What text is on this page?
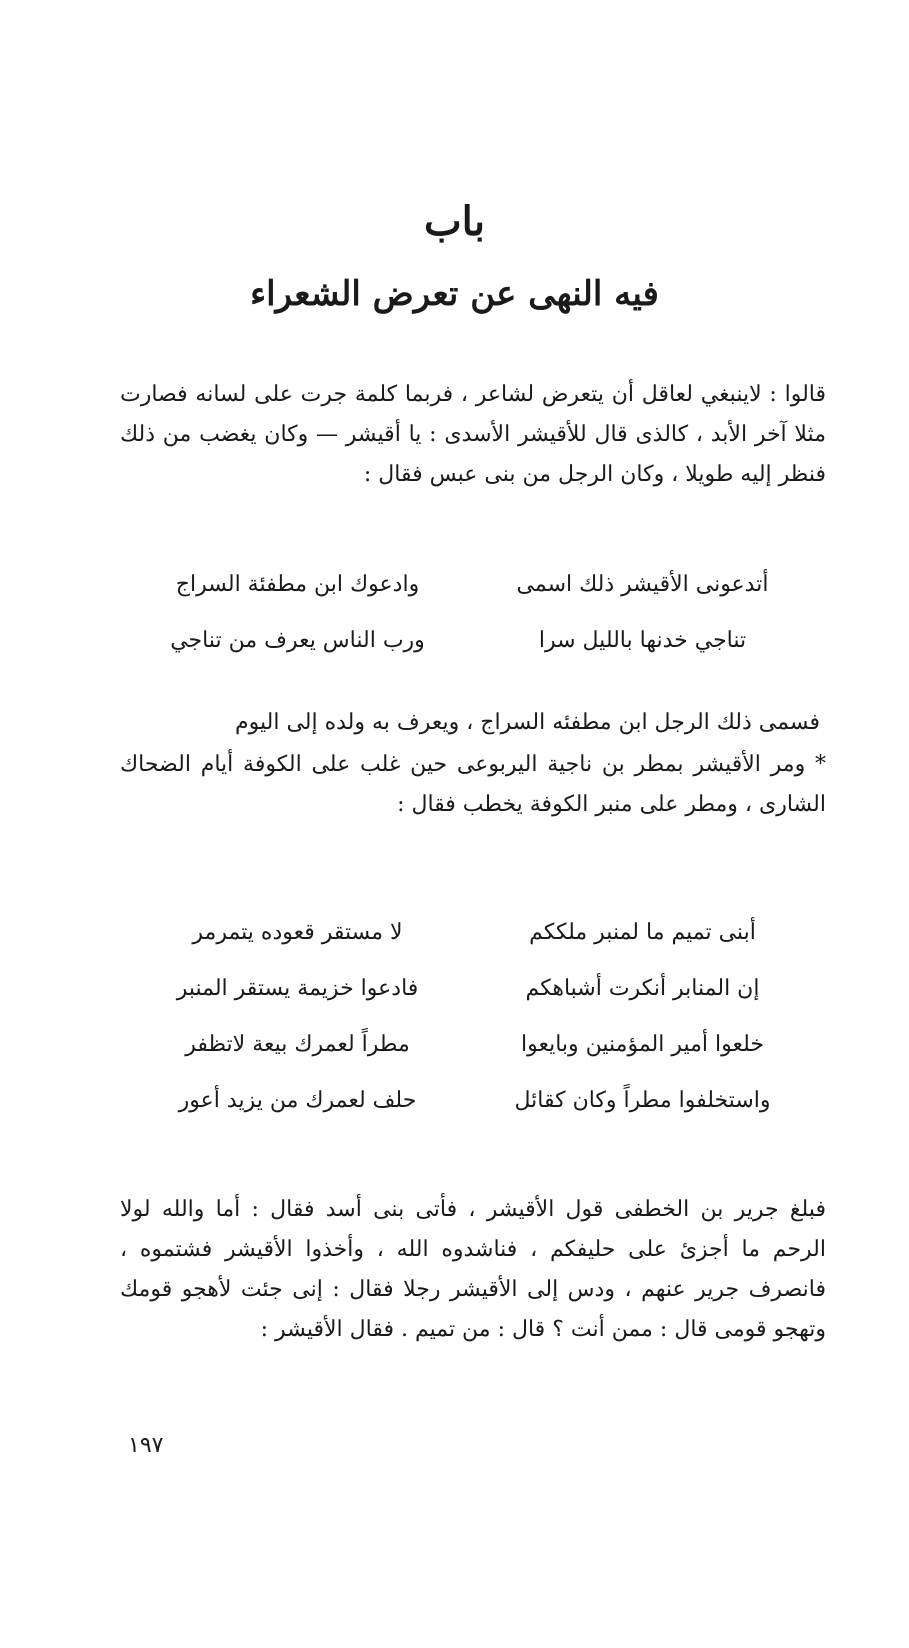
باب
فيه النهى عن تعرض الشعراء

قالوا : لاينبغي لعاقل أن يتعرض لشاعر ، فربما كلمة جرت على لسانه فصارت مثلا آخر الأبد ، كالذى قال للأقيشر الأسدى : يا أقيشر — وكان يغضب من ذلك فنظر إليه طويلا ، وكان الرجل من بنى عبس فقال :

أتدعونى الأقيشر ذلك اسمى
وادعوك ابن مطفئة السراج
تناجي خدنها بالليل سرا
ورب الناس يعرف من تناجي

فسمى ذلك الرجل ابن مطفئه السراج ، ويعرف به ولده إلى اليوم

* ومر الأقيشر بمطر بن ناجية اليربوعى حين غلب على الكوفة أيام الضحاك الشارى ، ومطر على منبر الكوفة يخطب فقال :

أبنى تميم ما لمنبر ملككم
لا مستقر قعوده يتمرمر
إن المنابر أنكرت أشباهكم
فادعوا خزيمة يستقر المنبر
خلعوا أمير المؤمنين وبايعوا
مطراً لعمرك بيعة لاتظفر
واستخلفوا مطراً وكان كقائل
حلف لعمرك من يزيد أعور

فبلغ جرير بن الخطفى قول الأقيشر ، فأتى بنى أسد فقال : أما والله لولا الرحم ما أجزئ على حليفكم ، فناشدوه الله ، وأخذوا الأقيشر فشتموه ، فانصرف جرير عنهم ، ودس إلى الأقيشر رجلا فقال : إنى جئت لأهجو قومك وتهجو قومى قال : ممن أنت ؟ قال : من تميم . فقال الأقيشر :

١٩٧
